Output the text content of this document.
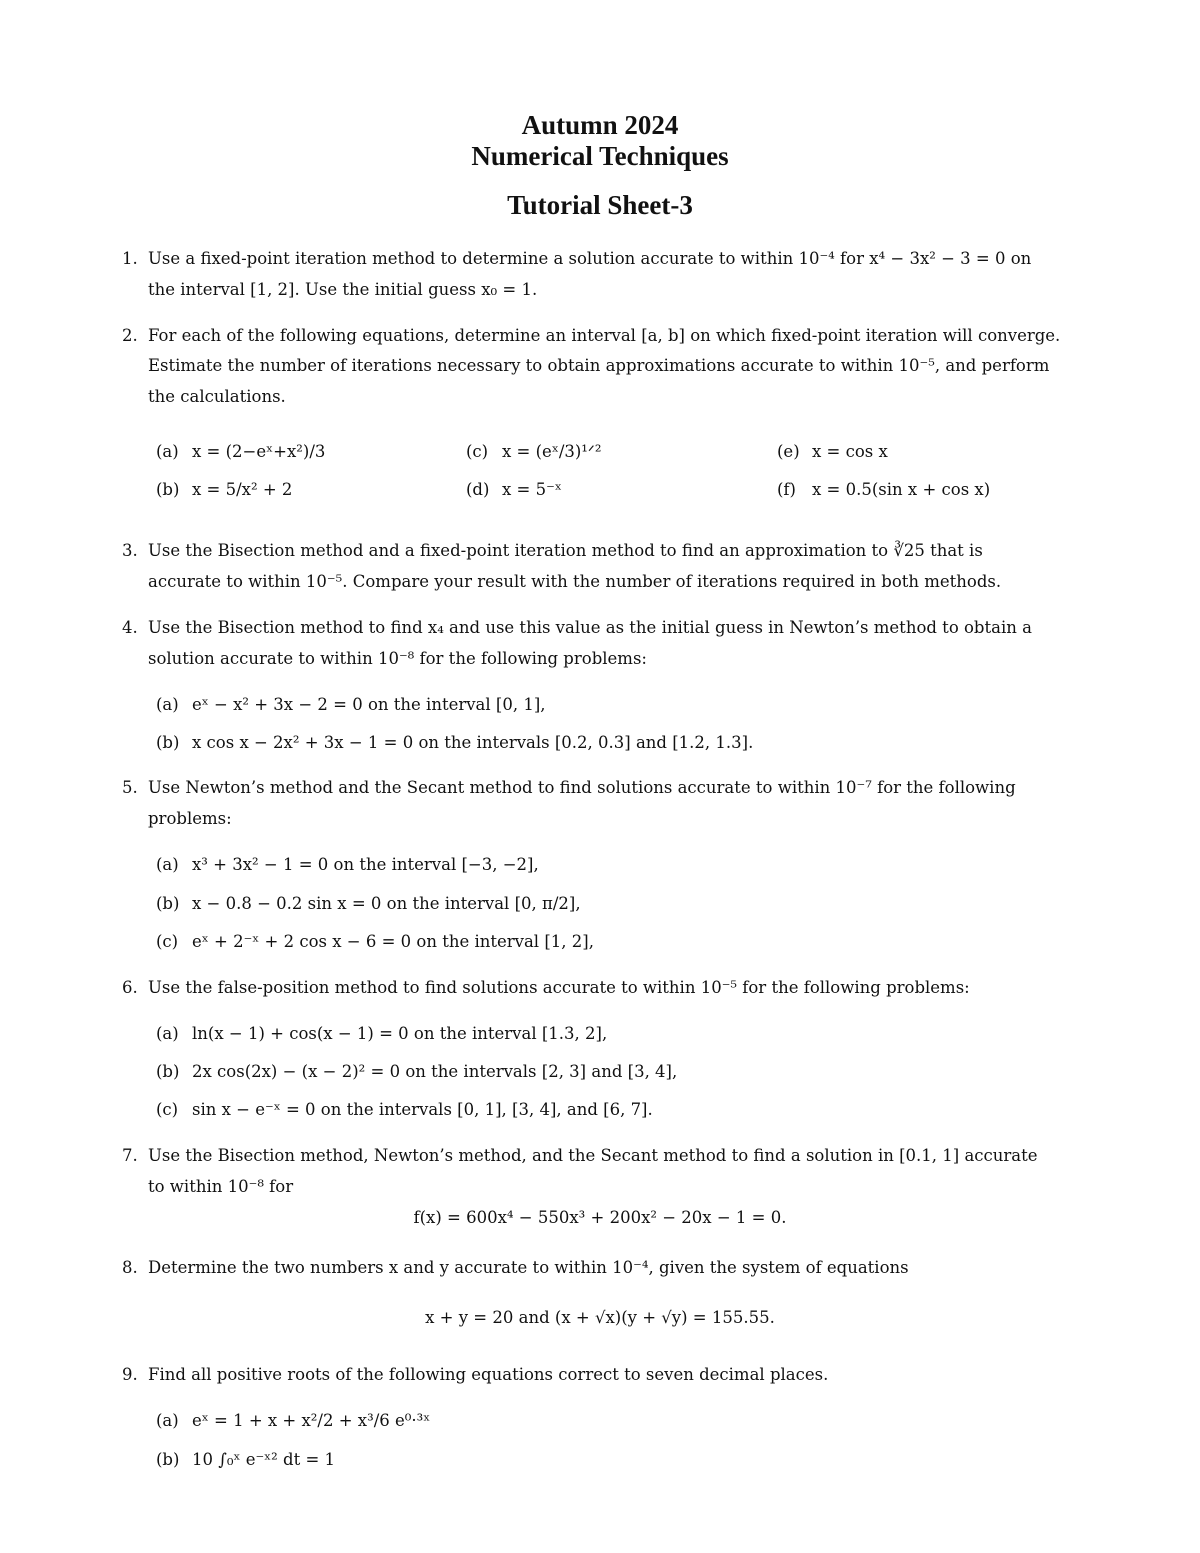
Autumn 2024
Numerical Techniques
Tutorial Sheet-3
1. Use a fixed-point iteration method to determine a solution accurate to within 10⁻⁴ for x⁴ − 3x² − 3 = 0 on
the interval [1, 2]. Use the initial guess x₀ = 1.
2. For each of the following equations, determine an interval [a, b] on which fixed-point iteration will converge.
Estimate the number of iterations necessary to obtain approximations accurate to within 10⁻⁵, and perform
the calculations.
(a) x = (2−eˣ+x²)/3	(c) x = (eˣ/3)¹ᐟ²	(e) x = cos x
(b) x = 5/x² + 2	(d) x = 5⁻ˣ	(f) x = 0.5(sin x + cos x)
3. Use the Bisection method and a fixed-point iteration method to find an approximation to ∛25 that is
accurate to within 10⁻⁵. Compare your result with the number of iterations required in both methods.
4. Use the Bisection method to find x₄ and use this value as the initial guess in Newton’s method to obtain a
solution accurate to within 10⁻⁸ for the following problems:
(a) eˣ − x² + 3x − 2 = 0 on the interval [0, 1],
(b) x cos x − 2x² + 3x − 1 = 0 on the intervals [0.2, 0.3] and [1.2, 1.3].
5. Use Newton’s method and the Secant method to find solutions accurate to within 10⁻⁷ for the following
problems:
(a) x³ + 3x² − 1 = 0 on the interval [−3, −2],
(b) x − 0.8 − 0.2 sin x = 0 on the interval [0, π/2],
(c) eˣ + 2⁻ˣ + 2 cos x − 6 = 0 on the interval [1, 2],
6. Use the false-position method to find solutions accurate to within 10⁻⁵ for the following problems:
(a) ln(x − 1) + cos(x − 1) = 0 on the interval [1.3, 2],
(b) 2x cos(2x) − (x − 2)² = 0 on the intervals [2, 3] and [3, 4],
(c) sin x − e⁻ˣ = 0 on the intervals [0, 1], [3, 4], and [6, 7].
7. Use the Bisection method, Newton’s method, and the Secant method to find a solution in [0.1, 1] accurate
to within 10⁻⁸ for
f(x) = 600x⁴ − 550x³ + 200x² − 20x − 1 = 0.
8. Determine the two numbers x and y accurate to within 10⁻⁴, given the system of equations
x + y = 20 and (x + √x)(y + √y) = 155.55.
9. Find all positive roots of the following equations correct to seven decimal places.
(a) eˣ = 1 + x + x²/2 + x³/6 e⁰·³ˣ
(b) 10 ∫₀ˣ e⁻ˣ² dt = 1
